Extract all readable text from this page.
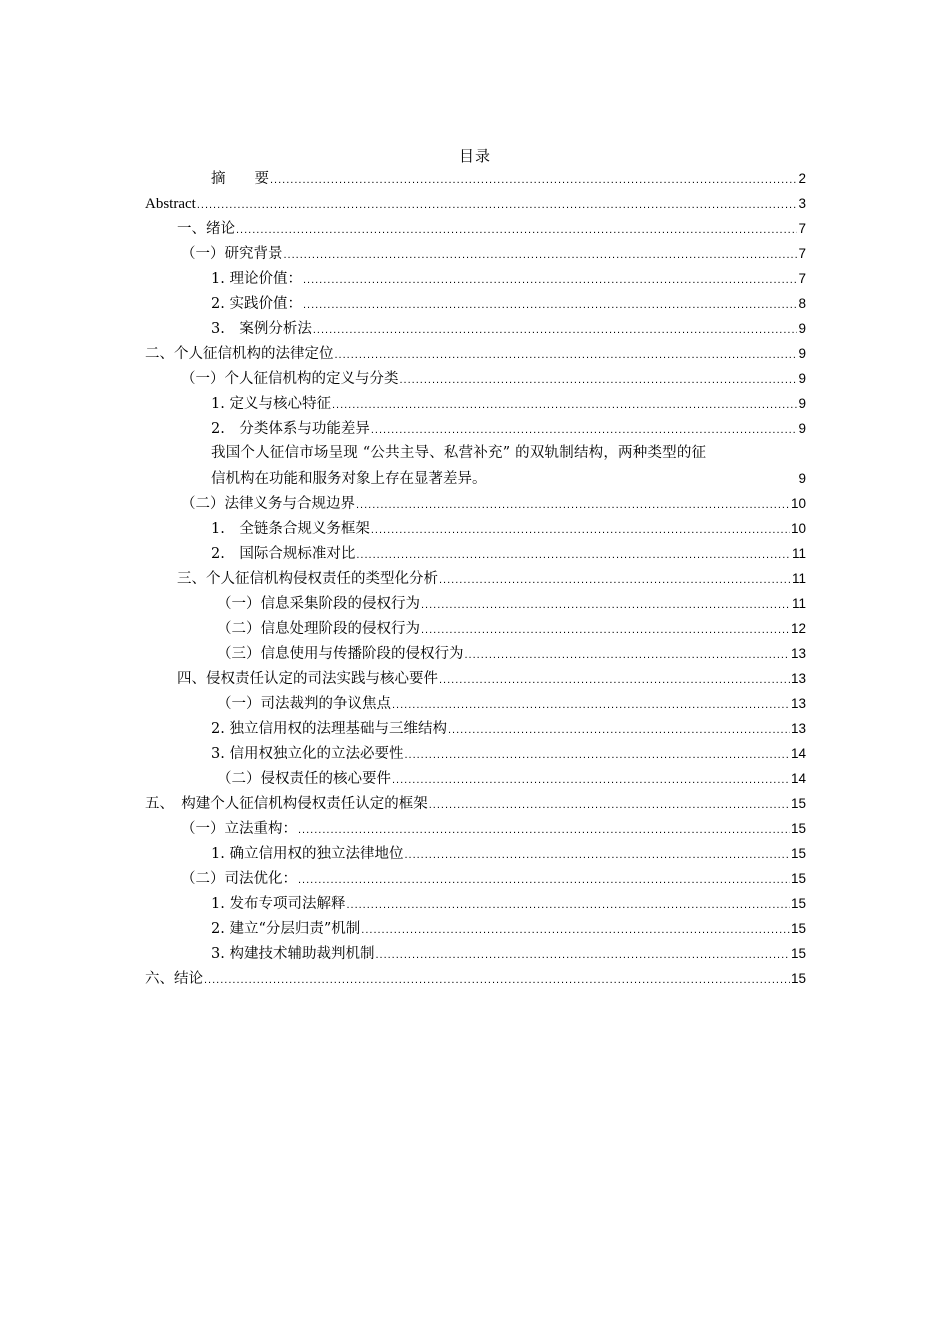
目录
摘　　要 .....	2
Abstract .....	3
一、绪论 .....	7
（一）研究背景 .....	7
1. 理论价值： .....	7
2. 实践价值： .....	8
3.　案例分析法 .....	9
二、个人征信机构的法律定位 .....	9
（一）个人征信机构的定义与分类 .....	9
1. 定义与核心特征 .....	9
2.　分类体系与功能差异 .....	9
我国个人征信市场呈现 “公共主导、私营补充” 的双轨制结构，两种类型的征
信机构在功能和服务对象上存在显著差异。	9
（二）法律义务与合规边界 .....	10
1.　全链条合规义务框架 .....	10
2.　国际合规标准对比 .....	11
三、个人征信机构侵权责任的类型化分析 .....	11
（一）信息采集阶段的侵权行为 .....	11
（二）信息处理阶段的侵权行为 .....	12
（三）信息使用与传播阶段的侵权行为 .....	13
四、侵权责任认定的司法实践与核心要件 .....	13
（一）司法裁判的争议焦点 .....	13
2. 独立信用权的法理基础与三维结构 .....	13
3. 信用权独立化的立法必要性 .....	14
（二）侵权责任的核心要件 .....	14
五、　构建个人征信机构侵权责任认定的框架 .....	15
（一）立法重构： .....	15
1. 确立信用权的独立法律地位 .....	15
（二）司法优化： .....	15
1. 发布专项司法解释 .....	15
2. 建立“分层归责”机制 .....	15
3. 构建技术辅助裁判机制 .....	15
六、结论 .....	15
